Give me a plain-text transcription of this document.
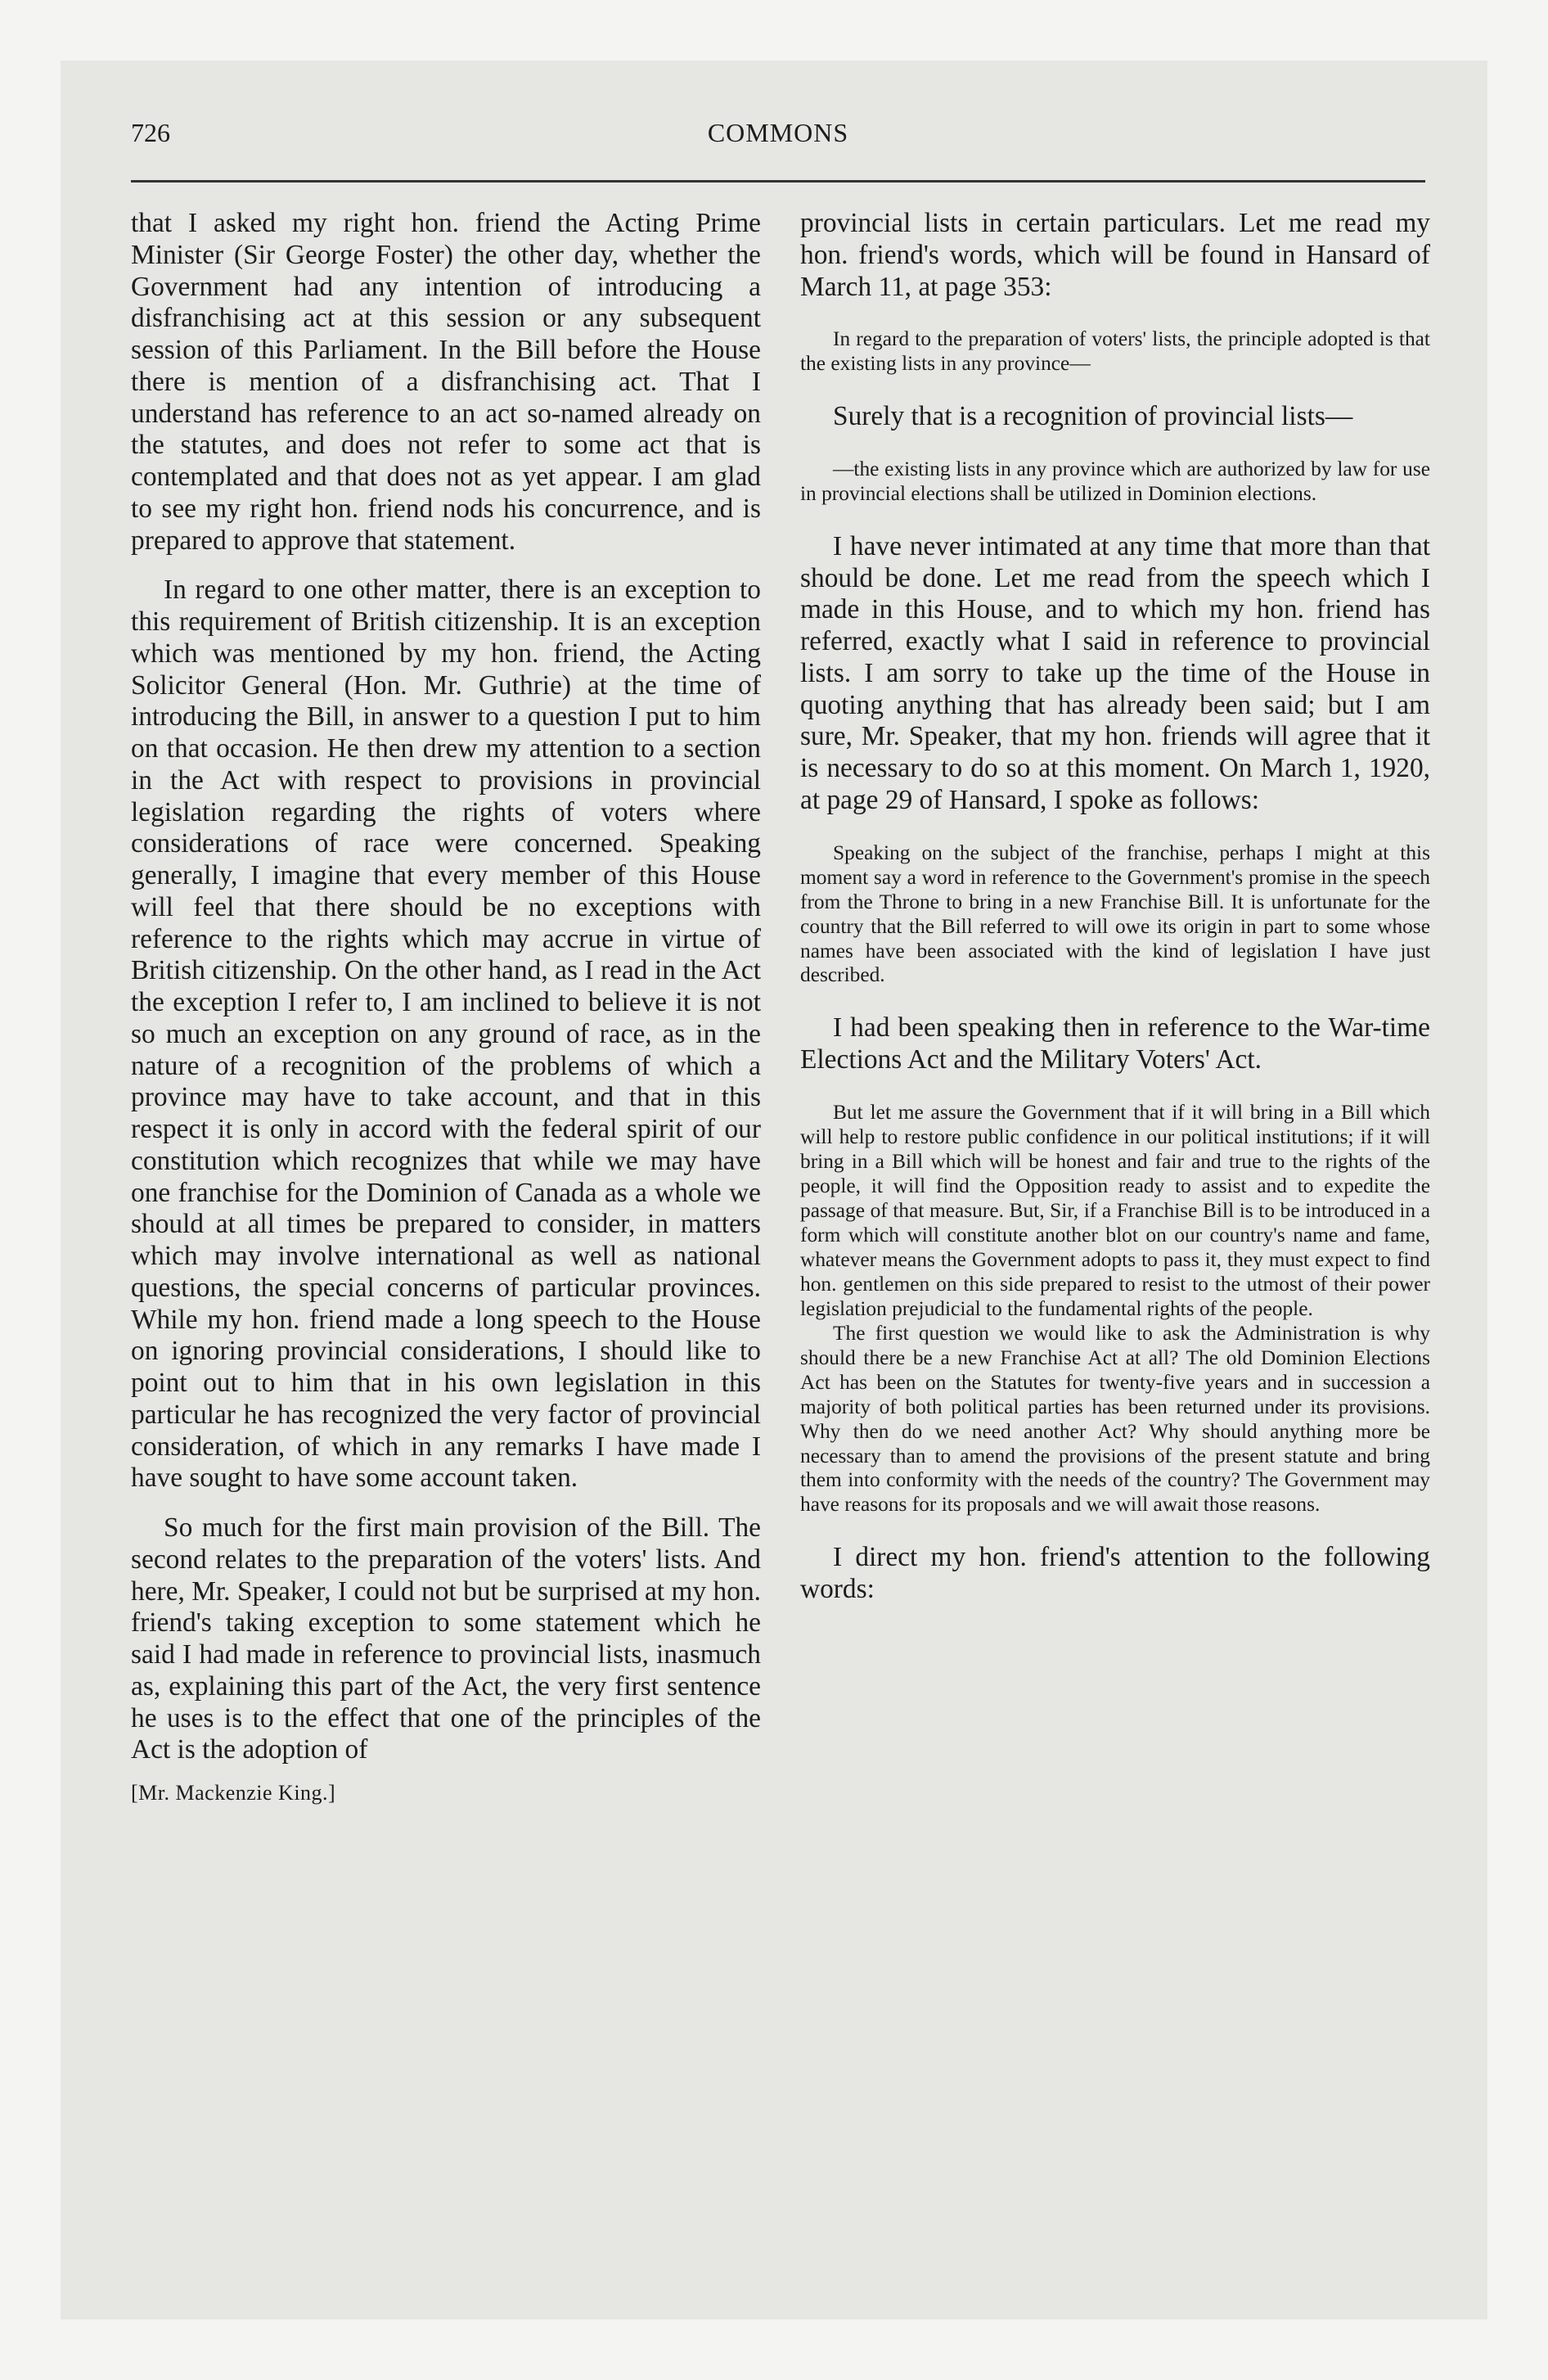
726	COMMONS

that I asked my right hon. friend the Acting Prime Minister (Sir George Foster) the other day, whether the Government had any intention of introducing a disfranchising act at this session or any subsequent session of this Parliament. In the Bill before the House there is mention of a disfranchising act. That I understand has reference to an act so-named already on the statutes, and does not refer to some act that is contemplated and that does not as yet appear. I am glad to see my right hon. friend nods his concurrence, and is prepared to approve that statement.

In regard to one other matter, there is an exception to this requirement of British citizenship. It is an exception which was mentioned by my hon. friend, the Acting Solicitor General (Hon. Mr. Guthrie) at the time of introducing the Bill, in answer to a question I put to him on that occasion. He then drew my attention to a section in the Act with respect to provisions in provincial legislation regarding the rights of voters where considerations of race were concerned. Speaking generally, I imagine that every member of this House will feel that there should be no exceptions with reference to the rights which may accrue in virtue of British citizenship. On the other hand, as I read in the Act the exception I refer to, I am inclined to believe it is not so much an exception on any ground of race, as in the nature of a recognition of the problems of which a province may have to take account, and that in this respect it is only in accord with the federal spirit of our constitution which recognizes that while we may have one franchise for the Dominion of Canada as a whole we should at all times be prepared to consider, in matters which may involve international as well as national questions, the special concerns of particular provinces. While my hon. friend made a long speech to the House on ignoring provincial considerations, I should like to point out to him that in his own legislation in this particular he has recognized the very factor of provincial consideration, of which in any remarks I have made I have sought to have some account taken.

So much for the first main provision of the Bill. The second relates to the preparation of the voters' lists. And here, Mr. Speaker, I could not but be surprised at my hon. friend's taking exception to some statement which he said I had made in reference to provincial lists, inasmuch as, explaining this part of the Act, the very first sentence he uses is to the effect that one of the principles of the Act is the adoption of

[Mr. Mackenzie King.]

provincial lists in certain particulars. Let me read my hon. friend's words, which will be found in Hansard of March 11, at page 353:

In regard to the preparation of voters' lists, the principle adopted is that the existing lists in any province—

Surely that is a recognition of provincial lists—

—the existing lists in any province which are authorized by law for use in provincial elections shall be utilized in Dominion elections.

I have never intimated at any time that more than that should be done. Let me read from the speech which I made in this House, and to which my hon. friend has referred, exactly what I said in reference to provincial lists. I am sorry to take up the time of the House in quoting anything that has already been said; but I am sure, Mr. Speaker, that my hon. friends will agree that it is necessary to do so at this moment. On March 1, 1920, at page 29 of Hansard, I spoke as follows:

Speaking on the subject of the franchise, perhaps I might at this moment say a word in reference to the Government's promise in the speech from the Throne to bring in a new Franchise Bill. It is unfortunate for the country that the Bill referred to will owe its origin in part to some whose names have been associated with the kind of legislation I have just described.

I had been speaking then in reference to the War-time Elections Act and the Military Voters' Act.

But let me assure the Government that if it will bring in a Bill which will help to restore public confidence in our political institutions; if it will bring in a Bill which will be honest and fair and true to the rights of the people, it will find the Opposition ready to assist and to expedite the passage of that measure. But, Sir, if a Franchise Bill is to be introduced in a form which will constitute another blot on our country's name and fame, whatever means the Government adopts to pass it, they must expect to find hon. gentlemen on this side prepared to resist to the utmost of their power legislation prejudicial to the fundamental rights of the people.

The first question we would like to ask the Administration is why should there be a new Franchise Act at all? The old Dominion Elections Act has been on the Statutes for twenty-five years and in succession a majority of both political parties has been returned under its provisions. Why then do we need another Act? Why should anything more be necessary than to amend the provisions of the present statute and bring them into conformity with the needs of the country? The Government may have reasons for its proposals and we will await those reasons.

I direct my hon. friend's attention to the following words:
